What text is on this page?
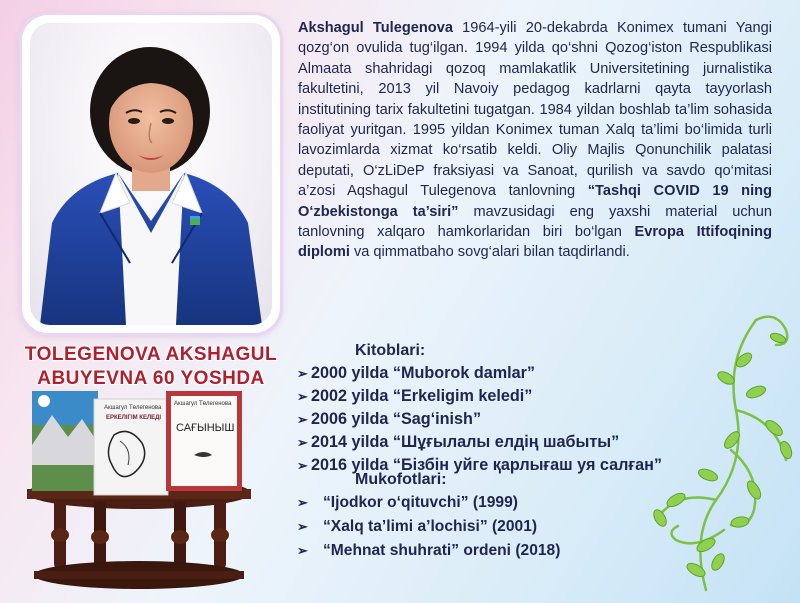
TOLEGENOVA AKSHAGUL
ABUYEVNA 60 YOSHDA
Акшагул Төлегенова
ЕРКЕЛІГІМ КЕЛЕДІ
Акшагул Төлегенова
САҒЫНЫШ
Akshagul Tulegenova 1964-yili 20-dekabrda Konimex tumani Yangi qozg‘on ovulida tug‘ilgan. 1994 yilda qo‘shni Qozog‘iston Respublikasi Almaata shahridagi qozoq mamlakatlik Universitetining jurnalistika fakultetini, 2013 yil Navoiy pedagog kadrlarni qayta tayyorlash institutining tarix fakultetini tugatgan. 1984 yildan boshlab ta’lim sohasida faoliyat yuritgan. 1995 yildan Konimex tuman Xalq ta’limi bo‘limida turli lavozimlarda xizmat ko‘rsatib keldi. Oliy Majlis Qonunchilik palatasi deputati, O‘zLiDeP fraksiyasi va Sanoat, qurilish va savdo qo‘mitasi a’zosi Aqshagul Tulegenova tanlovning “Tashqi COVID 19 ning O‘zbekistonga ta’siri” mavzusidagi eng yaxshi material uchun tanlovning xalqaro hamkorlaridan biri bo‘lgan Evropa Ittifoqining diplomi va qimmatbaho sovg‘alari bilan taqdirlandi.
Kitoblari:
➢ 2000 yilda “Muborok damlar”
➢ 2002 yilda “Erkeligim keledi”
➢ 2006 yilda “Sag‘inish”
➢ 2014 yilda “Шұғылалы елдің шабыты”
➢ 2016 yilda “Бізбін уйге қарлығаш уя салған”
Mukofotlari:
➢ “Ijodkor o‘qituvchi” (1999)
➢ “Xalq ta’limi a’lochisi” (2001)
➢ “Mehnat shuhrati” ordeni (2018)
